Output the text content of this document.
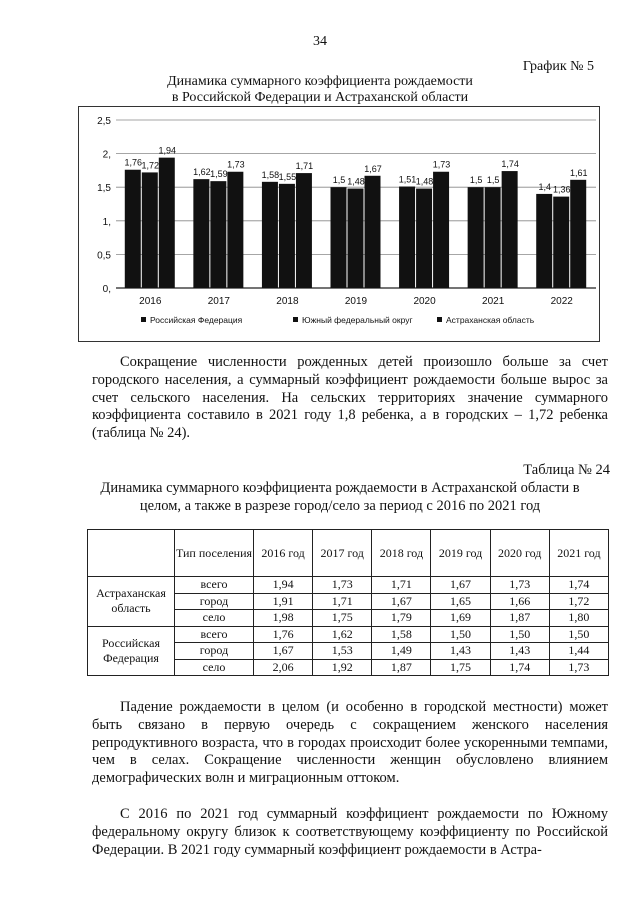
34
График № 5
Динамика суммарного коэффициента рождаемости
в Российской Федерации и Астраханской области
0,
0,5
1,
1,5
2,
2,5
1,76 1,72
1,94
2016
1,62 1,59
1,73
2017
1,58 1,55
1,71
2018
1,5 1,48
1,67
2019
1,51 1,48
1,73
2020
1,5 1,5
1,74
2021
1,4 1,36
1,61
2022
Российская Федерация	Южный федеральный округ	Астраханская область

Сокращение численности рожденных детей произошло больше за счет городского населения, а суммарный коэффициент рождаемости больше вырос за счет сельского населения. На сельских территориях значение суммарного коэффициента составило в 2021 году 1,8 ребенка, а в городских – 1,72 ребенка (таблица № 24).

Таблица № 24
Динамика суммарного коэффициента рождаемости в Астраханской области в целом, а также в разрезе город/село за период с 2016 по 2021 год
	Тип поселения	2016 год	2017 год	2018 год	2019 год	2020 год	2021 год
Астраханская область	всего	1,94	1,73	1,71	1,67	1,73	1,74
	город	1,91	1,71	1,67	1,65	1,66	1,72
	село	1,98	1,75	1,79	1,69	1,87	1,80
Российская Федерация	всего	1,76	1,62	1,58	1,50	1,50	1,50
	город	1,67	1,53	1,49	1,43	1,43	1,44
	село	2,06	1,92	1,87	1,75	1,74	1,73

Падение рождаемости в целом (и особенно в городской местности) может быть связано в первую очередь с сокращением женского населения репродуктивного возраста, что в городах происходит более ускоренными темпами, чем в селах. Сокращение численности женщин обусловлено влиянием демографических волн и миграционным оттоком.

С 2016 по 2021 год суммарный коэффициент рождаемости по Южному федеральному округу близок к соответствующему коэффициенту по Российской Федерации. В 2021 году суммарный коэффициент рождаемости в Астра-
